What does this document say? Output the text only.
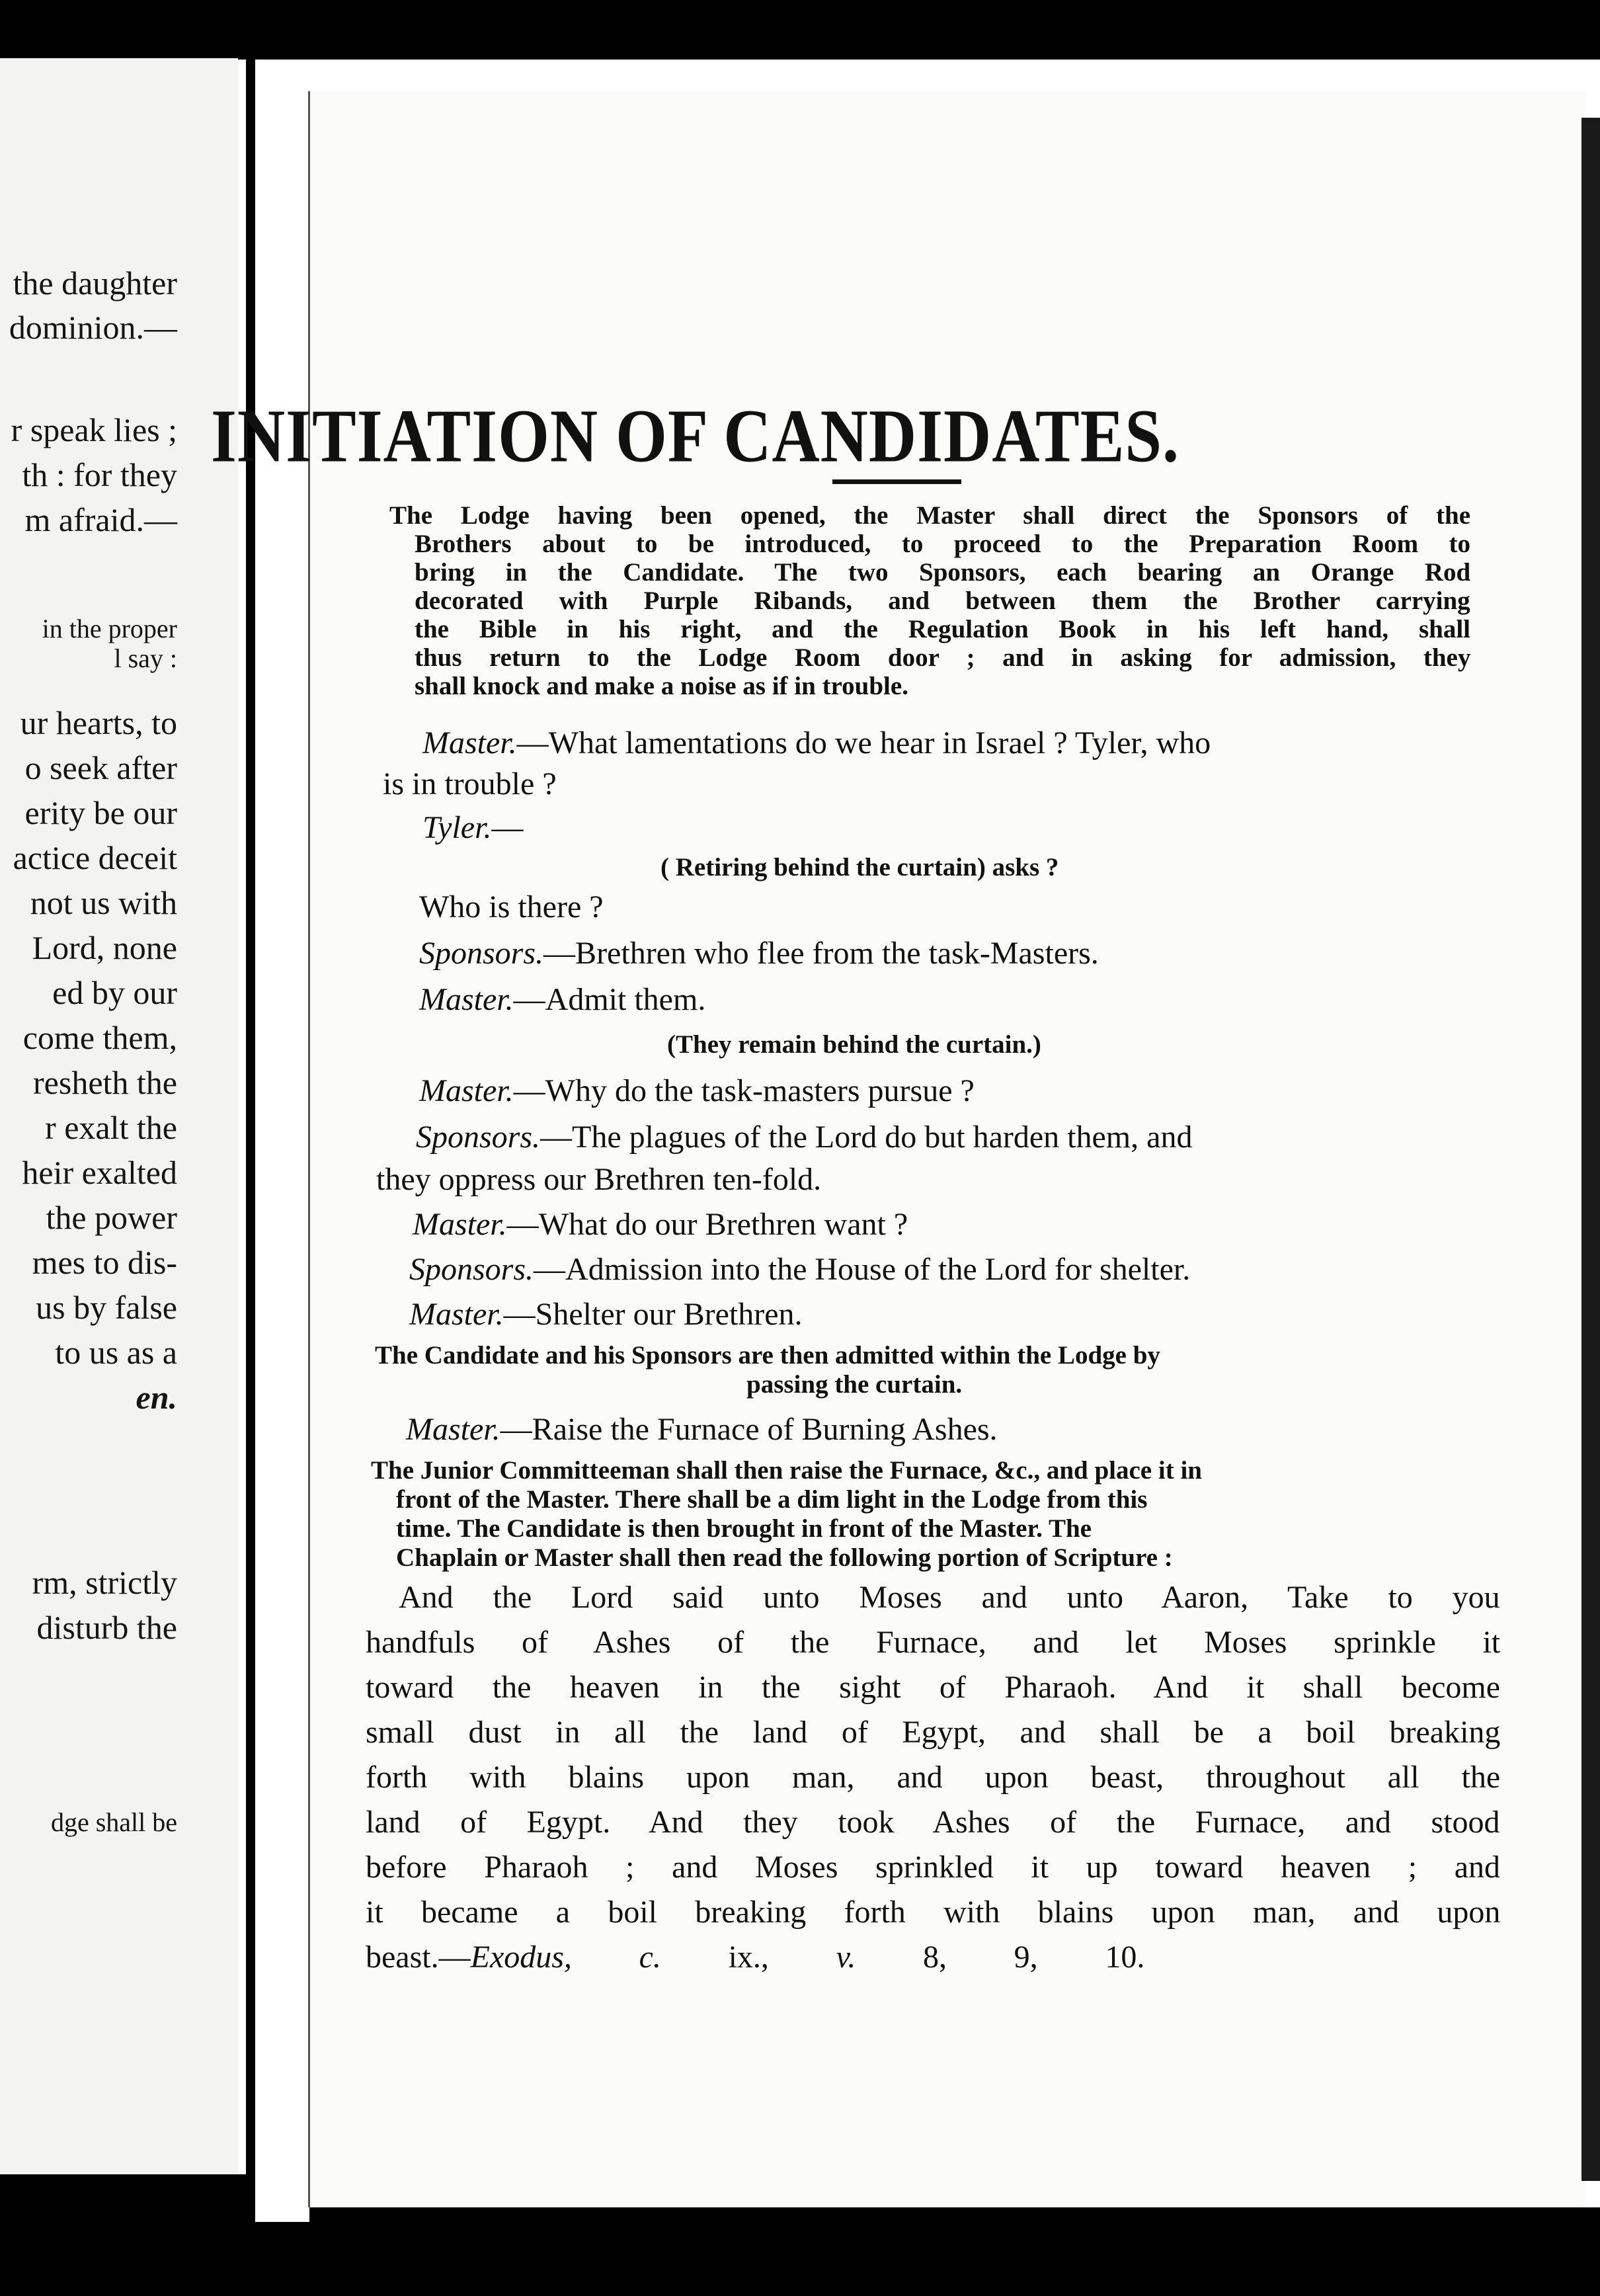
the daughter
dominion.—
r speak lies ;
th : for they
m afraid.—
in the proper
l say :
ur hearts, to
o seek after
erity be our
actice deceit
not us with
Lord, none
ed by our
come them,
resheth the
r exalt the
heir exalted
the power
mes to dis-
us by false
to us as a
en.
rm, strictly
disturb the
dge shall be
INITIATION OF CANDIDATES.
The Lodge having been opened, the Master shall direct the Sponsors of the
Brothers about to be introduced, to proceed to the Preparation Room to
bring in the Candidate. The two Sponsors, each bearing an Orange Rod
decorated with Purple Ribands, and between them the Brother carrying
the Bible in his right, and the Regulation Book in his left hand, shall
thus return to the Lodge Room door ; and in asking for admission, they
shall knock and make a noise as if in trouble.
Master.—What lamentations do we hear in Israel ? Tyler, who
is in trouble ?
Tyler.—
( Retiring behind the curtain) asks ?
Who is there ?
Sponsors.—Brethren who flee from the task-Masters.
Master.—Admit them.
(They remain behind the curtain.)
Master.—Why do the task-masters pursue ?
Sponsors.—The plagues of the Lord do but harden them, and
they oppress our Brethren ten-fold.
Master.—What do our Brethren want ?
Sponsors.—Admission into the House of the Lord for shelter.
Master.—Shelter our Brethren.
The Candidate and his Sponsors are then admitted within the Lodge by
passing the curtain.
Master.—Raise the Furnace of Burning Ashes.
The Junior Committeeman shall then raise the Furnace, &c., and place it in
front of the Master. There shall be a dim light in the Lodge from this
time. The Candidate is then brought in front of the Master. The
Chaplain or Master shall then read the following portion of Scripture :
And the Lord said unto Moses and unto Aaron, Take to you
handfuls of Ashes of the Furnace, and let Moses sprinkle it
toward the heaven in the sight of Pharaoh. And it shall become
small dust in all the land of Egypt, and shall be a boil breaking
forth with blains upon man, and upon beast, throughout all the
land of Egypt. And they took Ashes of the Furnace, and stood
before Pharaoh ; and Moses sprinkled it up toward heaven ; and
it became a boil breaking forth with blains upon man, and upon
beast.—Exodus, c. ix., v. 8, 9, 10.
